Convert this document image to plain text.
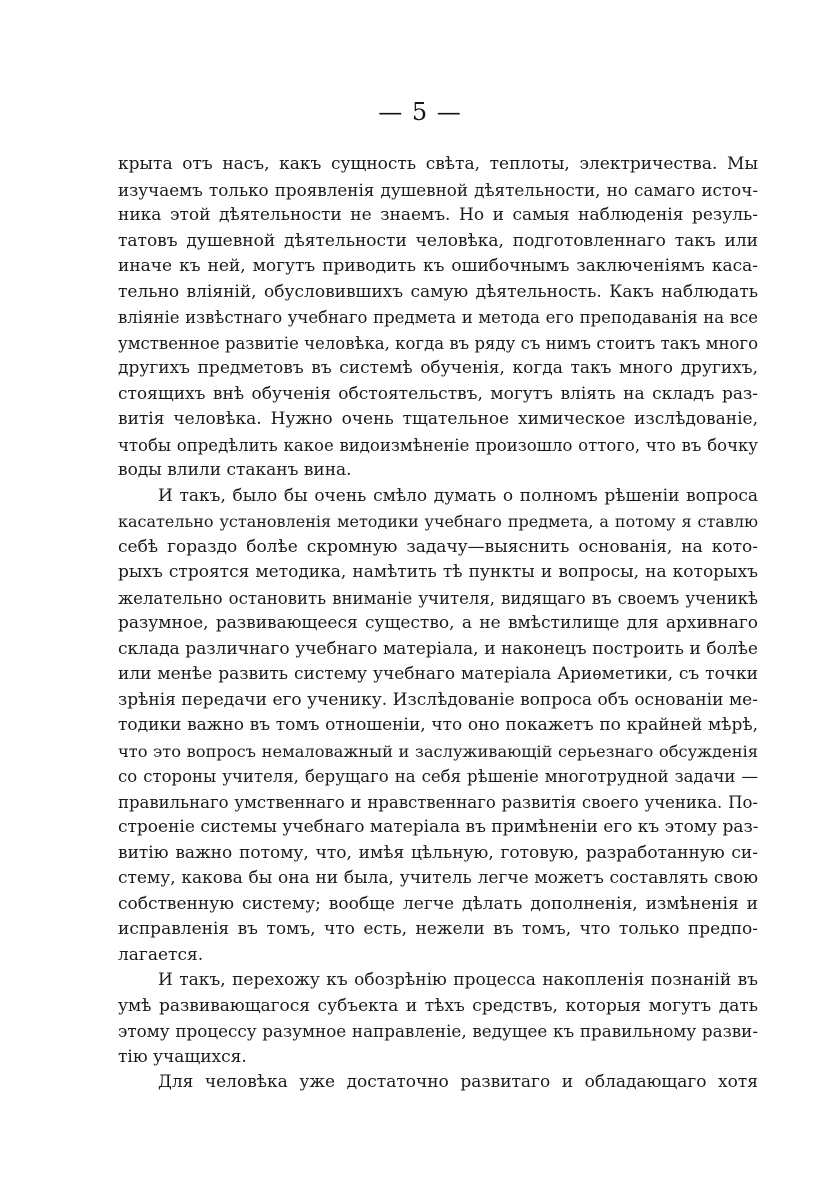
— 5 —
крыта отъ насъ, какъ сущность свѣта, теплоты, электричества. Мы
изучаемъ только проявленія душевной дѣятельности, но самаго источ-
ника этой дѣятельности не знаемъ. Но и самыя наблюденія резуль-
татовъ душевной дѣятельности человѣка, подготовленнаго такъ или
иначе къ ней, могутъ приводить къ ошибочнымъ заключеніямъ каса-
тельно вліяній, обусловившихъ самую дѣятельность. Какъ наблюдать
вліяніе извѣстнаго учебнаго предмета и метода его преподаванія на все
умственное развитіе человѣка, когда въ ряду съ нимъ стоитъ такъ много
другихъ предметовъ въ системѣ обученія, когда такъ много другихъ,
стоящихъ внѣ обученія обстоятельствъ, могутъ вліять на складъ раз-
витія человѣка. Нужно очень тщательное химическое изслѣдованіе,
чтобы опредѣлить какое видоизмѣненіе произошло оттого, что въ бочку
воды влили стаканъ вина.
И такъ, было бы очень смѣло думать о полномъ рѣшеніи вопроса
касательно установленія методики учебнаго предмета, а потому я ставлю
себѣ гораздо болѣе скромную задачу—выяснить основанія, на кото-
рыхъ строятся методика, намѣтить тѣ пункты и вопросы, на которыхъ
желательно остановить вниманіе учителя, видящаго въ своемъ ученикѣ
разумное, развивающееся существо, а не вмѣстилище для архивнаго
склада различнаго учебнаго матеріала, и наконецъ построить и болѣе
или менѣе развить систему учебнаго матеріала Ариѳметики, съ точки
зрѣнія передачи его ученику. Изслѣдованіе вопроса объ основаніи ме-
тодики важно въ томъ отношеніи, что оно покажетъ по крайней мѣрѣ,
что это вопросъ немаловажный и заслуживающій серьезнаго обсужденія
со стороны учителя, берущаго на себя рѣшеніе многотрудной задачи —
правильнаго умственнаго и нравственнаго развитія своего ученика. По-
строеніе системы учебнаго матеріала въ примѣненіи его къ этому раз-
витію важно потому, что, имѣя цѣльную, готовую, разработанную си-
стему, какова бы она ни была, учитель легче можетъ составлять свою
собственную систему; вообще легче дѣлать дополненія, измѣненія и
исправленія въ томъ, что есть, нежели въ томъ, что только предпо-
лагается.
И такъ, перехожу къ обозрѣнію процесса накопленія познаній въ
умѣ развивающагося субъекта и тѣхъ средствъ, которыя могутъ дать
этому процессу разумное направленіе, ведущее къ правильному разви-
тію учащихся.
Для человѣка уже достаточно развитаго и обладающаго хотя
